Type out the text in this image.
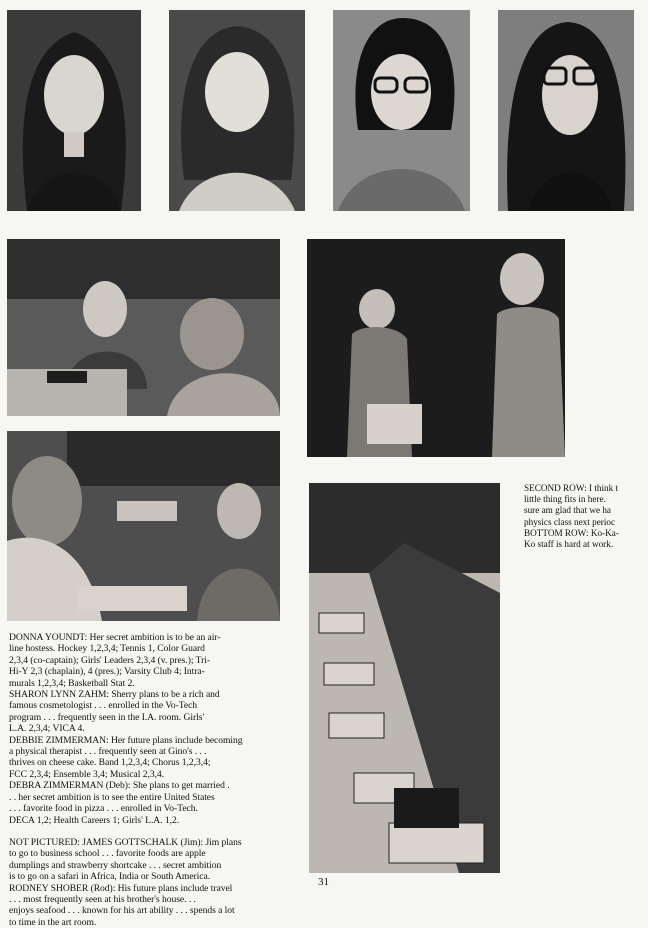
SECOND ROW: I think t
little thing fits in here.
sure am glad that we ha
physics class next perioc
BOTTOM ROW: Ko-Ka-
Ko staff is hard at work.

DONNA YOUNDT: Her secret ambition is to be an air-

line hostess. Hockey 1,2,3,4; Tennis 1, Color Guard

2,3,4 (co-captain); Girls' Leaders 2,3,4 (v. pres.); Tri-

Hi-Y 2,3 (chaplain), 4 (pres.); Varsity Club 4; Intra-

murals 1,2,3,4; Basketball Stat 2.

SHARON LYNN ZAHM: Sherry plans to be a rich and

famous cosmetologist . . . enrolled in the Vo-Tech

program . . . frequently seen in the I.A. room. Girls'

L.A. 2,3,4; VICA 4.

DEBBIE ZIMMERMAN: Her future plans include becoming

a physical therapist . . . frequently seen at Gino's . . .

thrives on cheese cake. Band 1,2,3,4; Chorus 1,2,3,4;

FCC 2,3,4; Ensemble 3,4; Musical 2,3,4.

DEBRA ZIMMERMAN (Deb): She plans to get married .

. . her secret ambition is to see the entire United States

. . . favorite food in pizza . . . enrolled in Vo-Tech.

DECA 1,2; Health Careers 1; Girls' L.A. 1,2.

NOT PICTURED: JAMES GOTTSCHALK (Jim): Jim plans

to go to business school . . . favorite foods are apple

dumplings and strawberry shortcake . . . secret ambition

is to go on a safari in Africa, India or South America.

RODNEY SHOBER (Rod): His future plans include travel

. . . most frequently seen at his brother's house. . .

enjoys seafood . . . known for his art ability . . . spends a lot

to time in the art room.

31
